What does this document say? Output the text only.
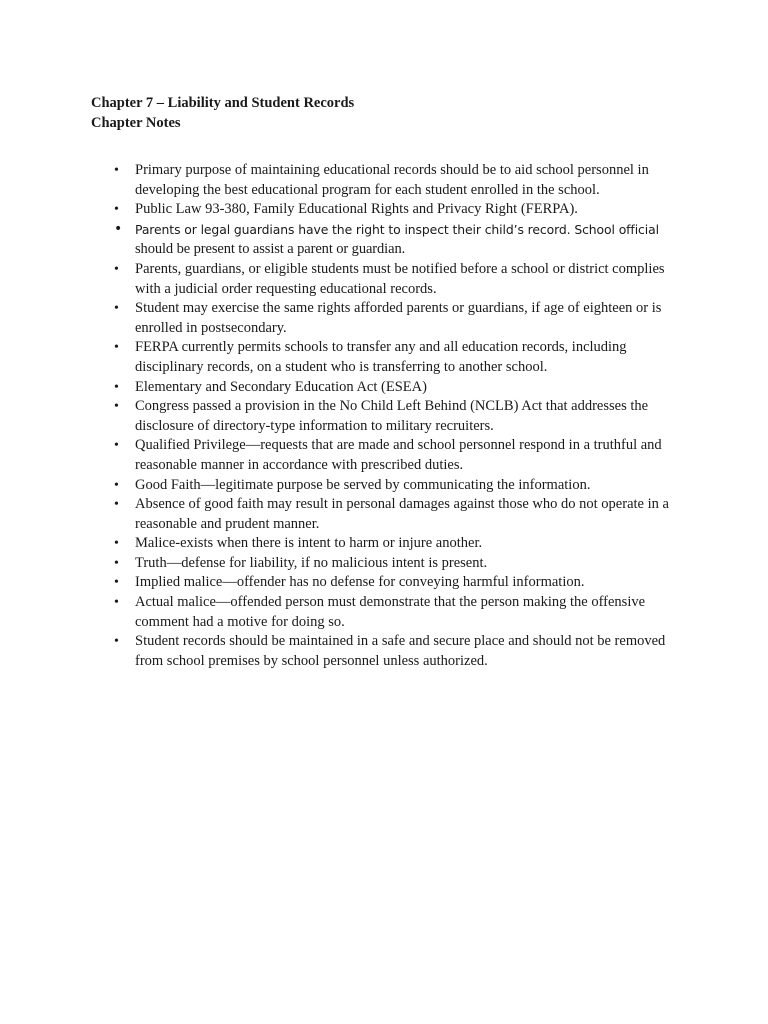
Chapter 7 – Liability and Student Records
Chapter Notes
• Primary purpose of maintaining educational records should be to aid school personnel in developing the best educational program for each student enrolled in the school.
• Public Law 93-380, Family Educational Rights and Privacy Right (FERPA).
• Parents or legal guardians have the right to inspect their child’s record. School official
should be present to assist a parent or guardian.
• Parents, guardians, or eligible students must be notified before a school or district complies with a judicial order requesting educational records.
• Student may exercise the same rights afforded parents or guardians, if age of eighteen or is enrolled in postsecondary.
• FERPA currently permits schools to transfer any and all education records, including disciplinary records, on a student who is transferring to another school.
• Elementary and Secondary Education Act (ESEA)
• Congress passed a provision in the No Child Left Behind (NCLB) Act that addresses the disclosure of directory-type information to military recruiters.
• Qualified Privilege—requests that are made and school personnel respond in a truthful and reasonable manner in accordance with prescribed duties.
• Good Faith—legitimate purpose be served by communicating the information.
• Absence of good faith may result in personal damages against those who do not operate in a reasonable and prudent manner.
• Malice-exists when there is intent to harm or injure another.
• Truth—defense for liability, if no malicious intent is present.
• Implied malice—offender has no defense for conveying harmful information.
• Actual malice—offended person must demonstrate that the person making the offensive comment had a motive for doing so.
• Student records should be maintained in a safe and secure place and should not be removed from school premises by school personnel unless authorized.
